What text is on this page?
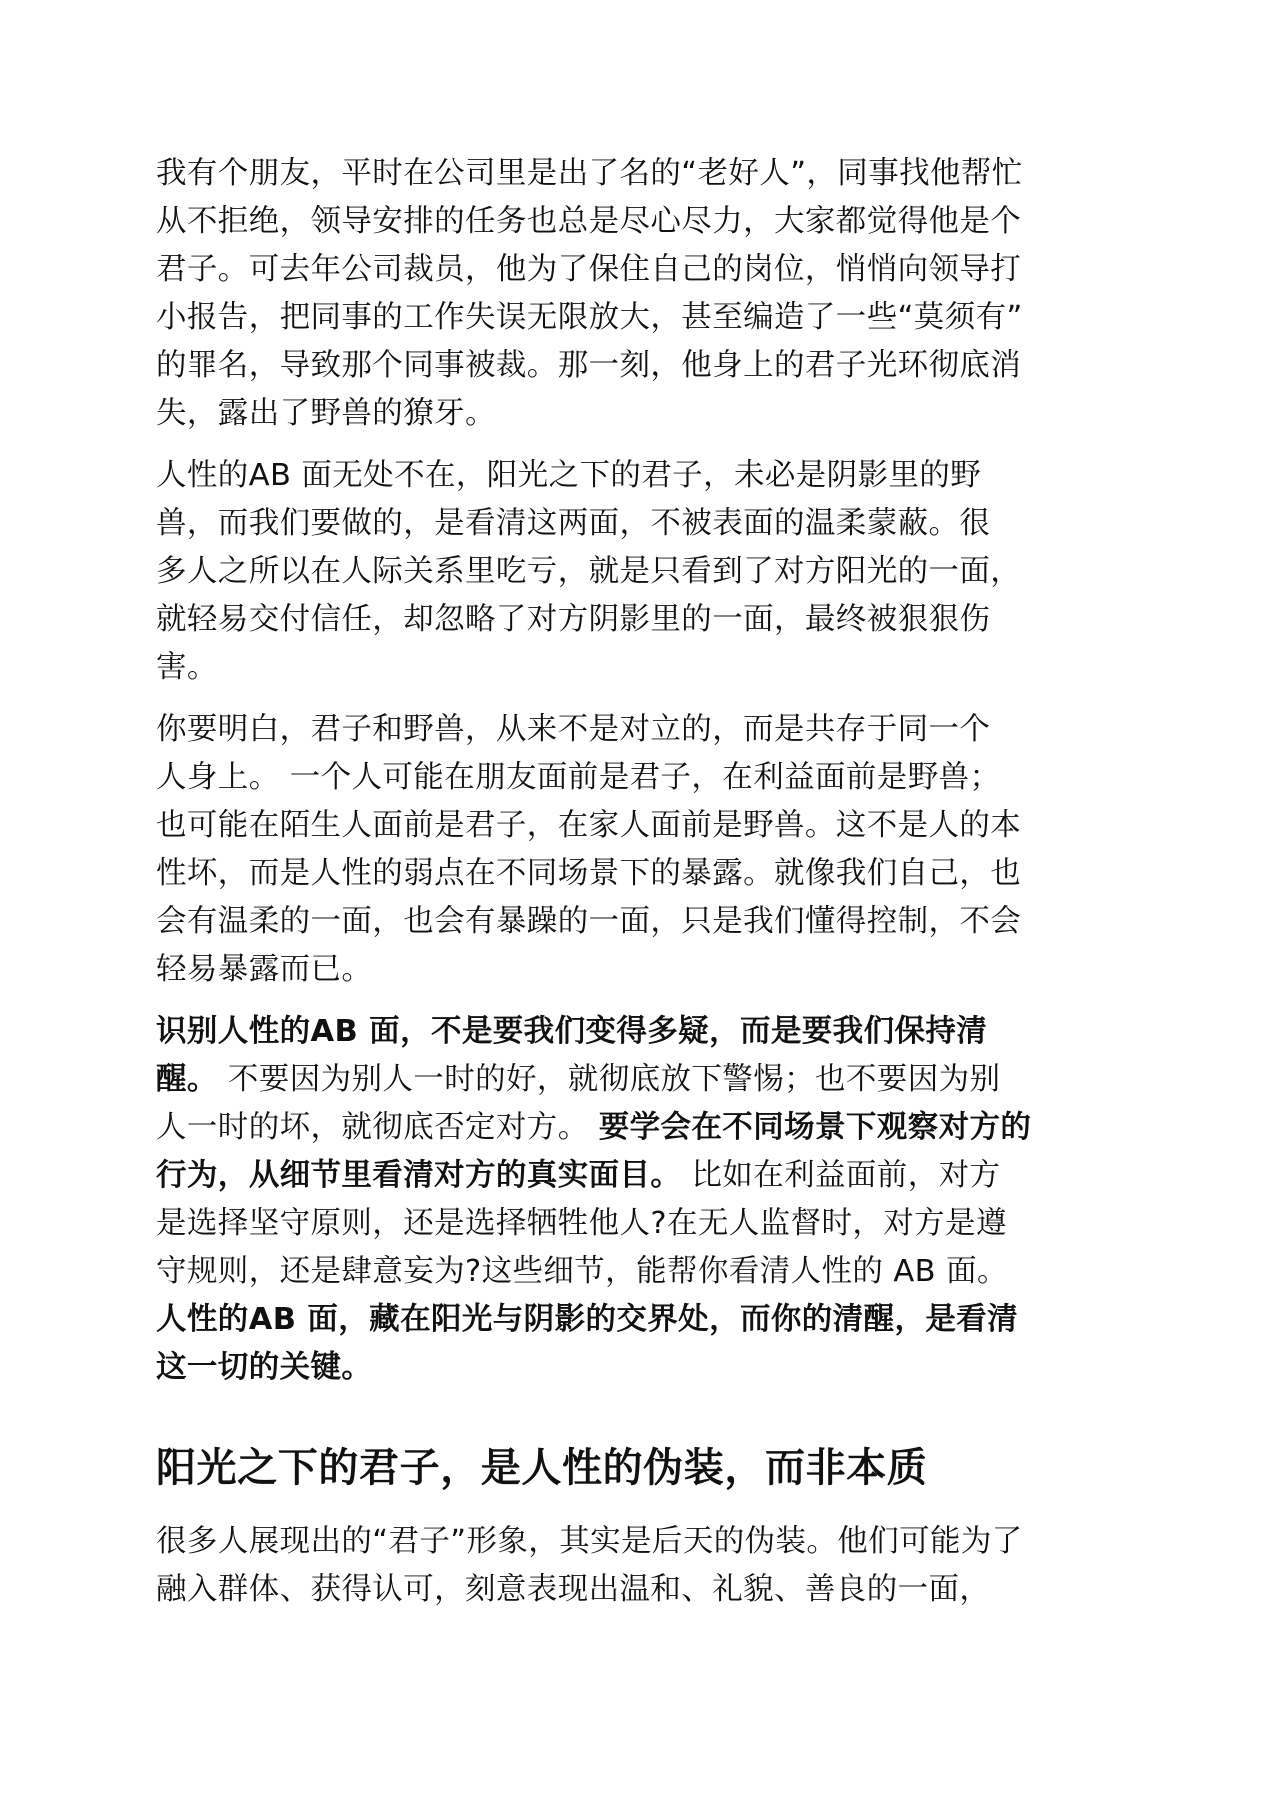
我有个朋友，平时在公司里是出了名的“老好人”，同事找他帮忙
从不拒绝，领导安排的任务也总是尽心尽力，大家都觉得他是个
君子。可去年公司裁员，他为了保住自己的岗位，悄悄向领导打
小报告，把同事的工作失误无限放大，甚至编造了一些“莫须有”
的罪名，导致那个同事被裁。那一刻，他身上的君子光环彻底消
失，露出了野兽的獠牙。

人性的AB 面无处不在，阳光之下的君子，未必是阴影里的野
兽，而我们要做的，是看清这两面，不被表面的温柔蒙蔽。很
多人之所以在人际关系里吃亏，就是只看到了对方阳光的一面，
就轻易交付信任，却忽略了对方阴影里的一面，最终被狠狠伤
害。

你要明白，君子和野兽，从来不是对立的，而是共存于同一个
人身上。 一个人可能在朋友面前是君子，在利益面前是野兽；
也可能在陌生人面前是君子，在家人面前是野兽。这不是人的本
性坏，而是人性的弱点在不同场景下的暴露。就像我们自己，也
会有温柔的一面，也会有暴躁的一面，只是我们懂得控制，不会
轻易暴露而已。

识别人性的AB 面，不是要我们变得多疑，而是要我们保持清
醒。 不要因为别人一时的好，就彻底放下警惕；也不要因为别
人一时的坏，就彻底否定对方。 要学会在不同场景下观察对方的
行为，从细节里看清对方的真实面目。 比如在利益面前，对方
是选择坚守原则，还是选择牺牲他人?在无人监督时，对方是遵
守规则，还是肆意妄为?这些细节，能帮你看清人性的 AB 面。
人性的AB 面，藏在阳光与阴影的交界处，而你的清醒，是看清
这一切的关键。

阳光之下的君子，是人性的伪装，而非本质

很多人展现出的“君子”形象，其实是后天的伪装。他们可能为了
融入群体、获得认可，刻意表现出温和、礼貌、善良的一面，
